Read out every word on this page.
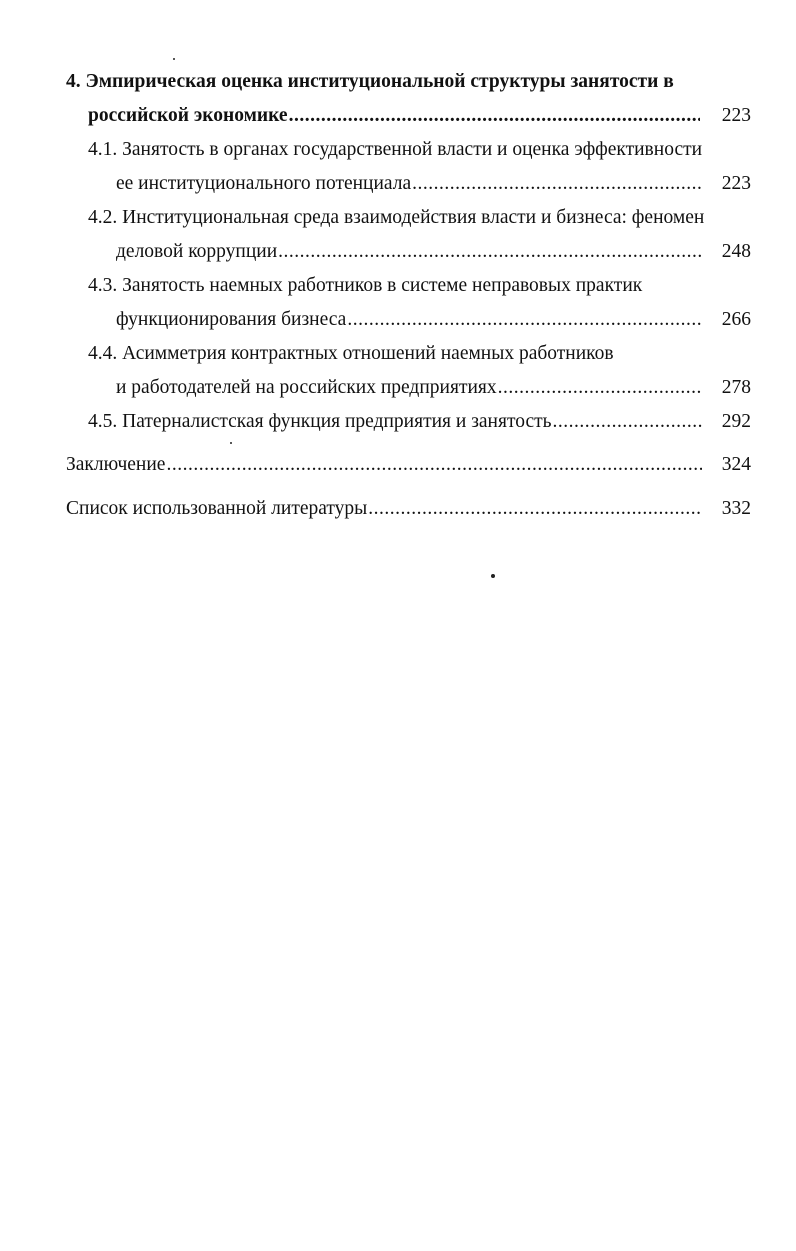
4. Эмпирическая оценка институциональной структуры занятости в
российской экономике .....	223
4.1. Занятость в органах государственной власти и оценка эффективности
ее институционального потенциала .....	223
4.2. Институциональная среда взаимодействия власти и бизнеса: феномен
деловой коррупции .....	248
4.3. Занятость наемных работников в системе неправовых практик
функционирования бизнеса .....	266
4.4. Асимметрия контрактных отношений наемных работников
и работодателей на российских предприятиях .....	278
4.5. Патерналистская функция предприятия и занятость .....	292
Заключение .....	324
Список использованной литературы .....	332
